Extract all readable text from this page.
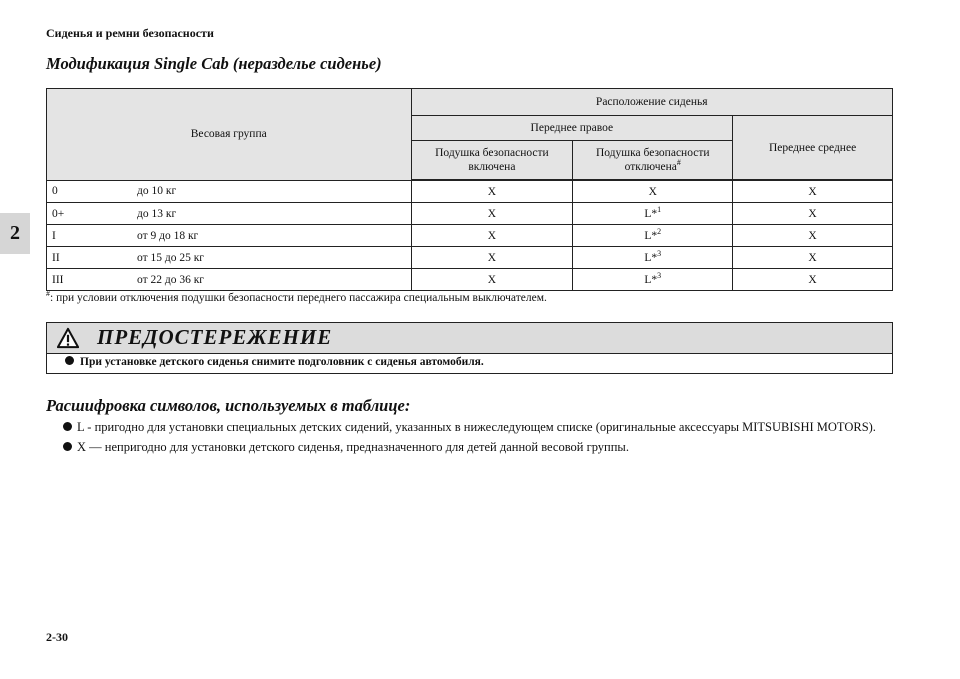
Сиденья и ремни безопасности
Модификация Single Cab (неразделье сиденье)
2
Весовая группа	Расположение сиденья		
	Переднее правое		Переднее среднее
	Подушка безопасности включена	Подушка безопасности отключена#

0 до 10 кг	X	X	X

0+ до 13 кг	X	L*$^1$	X

I от 9 до 18 кг	X	L*$^2$	X

II от 15 до 25 кг	X	L*$^3$	X

III от 22 до 36 кг	X	L*$^3$	X
#: при условии отключения подушки безопасности переднего пассажира специальным выключателем.
ПРЕДОСТЕРЕЖЕНИЕ
При установке детского сиденья снимите подголовник с сиденья автомобиля.
Расшифровка символов, используемых в таблице:
L - пригодно для установки специальных детских сидений, указанных в нижеследующем списке (оригинальные аксессуары MITSUBISHI MOTORS).
X — непригодно для установки детского сиденья, предназначенного для детей данной весовой группы.
2-30
